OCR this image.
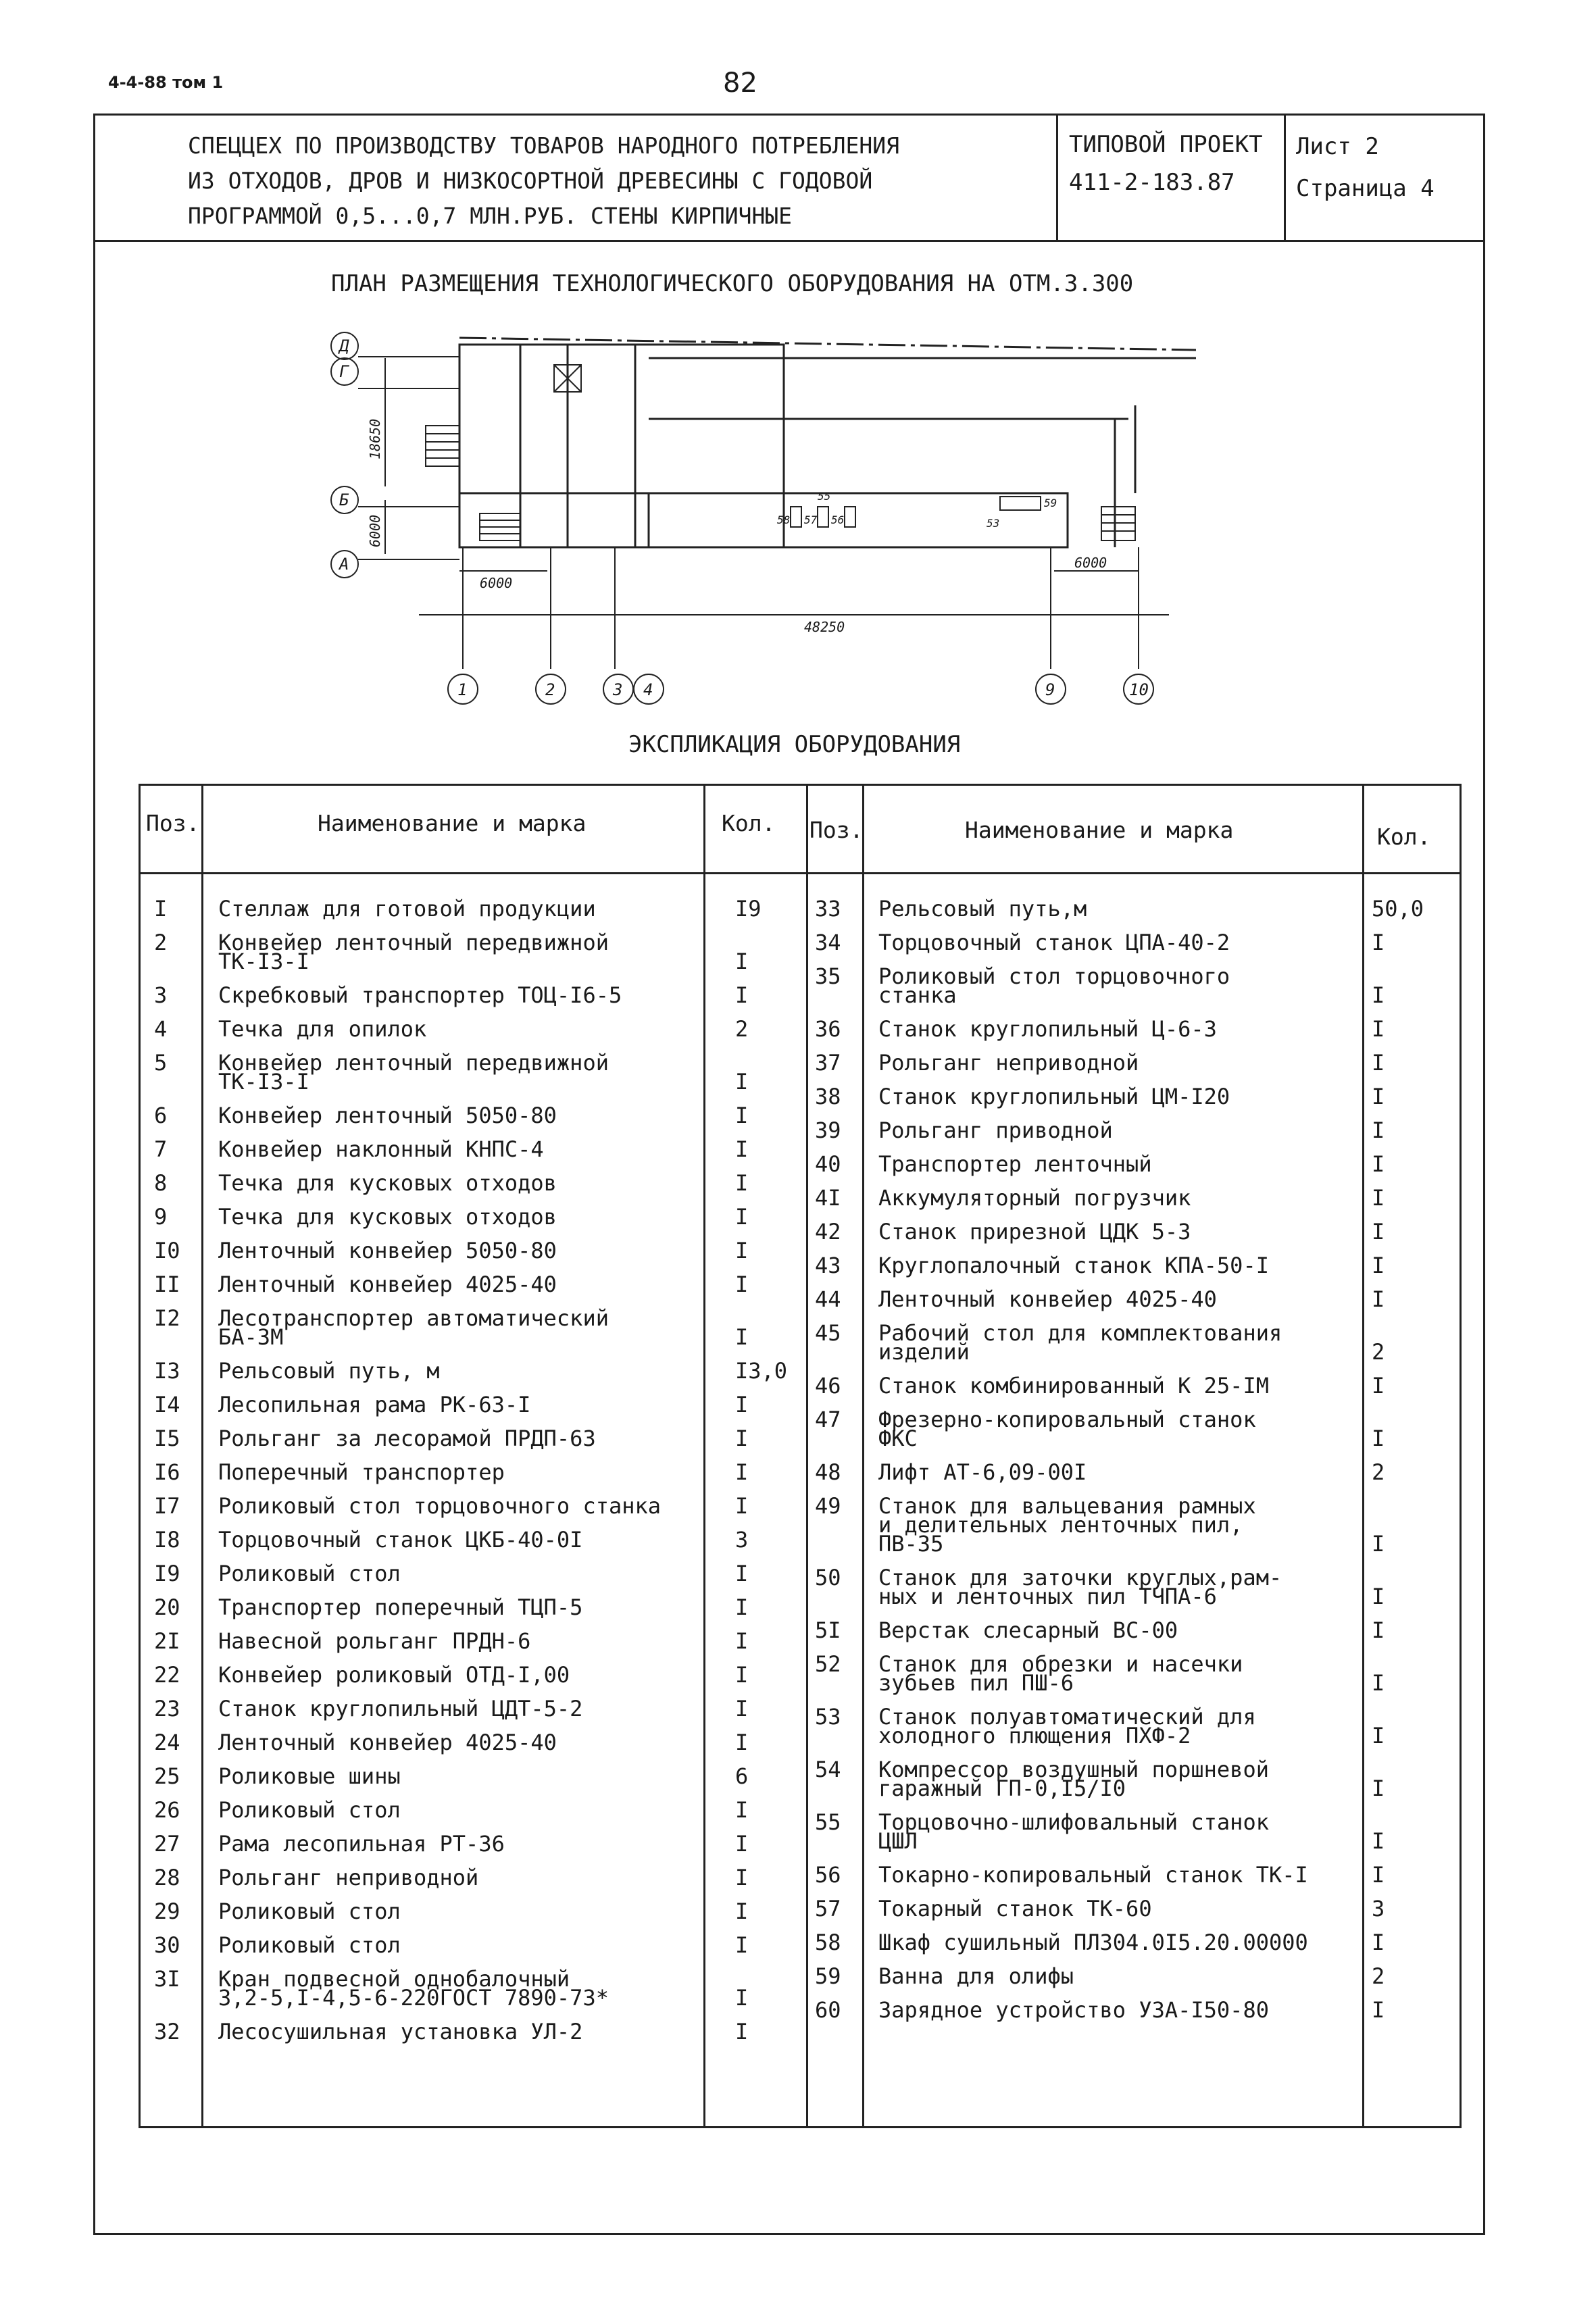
4-4-88 том 1	82
СПЕЦЦЕХ ПО ПРОИЗВОДСТВУ ТОВАРОВ НАРОДНОГО ПОТРЕБЛЕНИЯ
ИЗ ОТХОДОВ, ДРОВ И НИЗКОСОРТНОЙ ДРЕВЕСИНЫ С ГОДОВОЙ
ПРОГРАММОЙ 0,5...0,7 МЛН.РУБ. СТЕНЫ КИРПИЧНЫЕ
ТИПОВОЙ ПРОЕКТ
411-2-183.87
Лист 2
Страница 4
ПЛАН РАЗМЕЩЕНИЯ ТЕХНОЛОГИЧЕСКОГО ОБОРУДОВАНИЯ НА ОТМ.3.300
Д
Г
Б
А
1	2	3 4	9	10
18650
6000
6000
48250
6000
55
58 57 56
59
53
ЭКСПЛИКАЦИЯ ОБОРУДОВАНИЯ
Поз.	Наименование и марка	Кол. Поз.	Наименование и марка	Кол.
I Стеллаж для готовой продукции	I9
2 Конвейер ленточный передвижной
ТК-I3-I	I
3 Скребковый транспортер ТОЦ-I6-5	I
4 Течка для опилок	2
5 Конвейер ленточный передвижной
ТК-I3-I	I
6 Конвейер ленточный 5050-80	I
7 Конвейер наклонный КНПС-4	I
8 Течка для кусковых отходов	I
9 Течка для кусковых отходов	I
I0 Ленточный конвейер 5050-80	I
II Ленточный конвейер 4025-40	I
I2 Лесотранспортер автоматический
БА-3М	I
I3 Рельсовый путь, м	I3,0
I4 Лесопильная рама РК-63-I	I
I5 Рольганг за лесорамой ПРДП-63	I
I6 Поперечный транспортер	I
I7 Роликовый стол торцовочного станка	I
I8 Торцовочный станок ЦКБ-40-0I	3
I9 Роликовый стол	I
20 Транспортер поперечный ТЦП-5	I
2I Навесной рольганг ПРДН-6	I
22 Конвейер роликовый ОТД-I,00	I
23 Станок круглопильный ЦДТ-5-2	I
24 Ленточный конвейер 4025-40	I
25 Роликовые шины	6
26 Роликовый стол	I
27 Рама лесопильная РТ-36	I
28 Рольганг неприводной	I
29 Роликовый стол	I
30 Роликовый стол	I
3I Кран подвесной однобалочный
3,2-5,I-4,5-6-220ГОСТ 7890-73*	I
32 Лесосушильная установка УЛ-2	I
33 Рельсовый путь,м	50,0
34 Торцовочный станок ЦПА-40-2	I
35 Роликовый стол торцовочного
станка	I
36 Станок круглопильный Ц-6-3	I
37 Рольганг неприводной	I
38 Станок круглопильный ЦМ-I20	I
39 Рольганг приводной	I
40 Транспортер ленточный	I
4I Аккумуляторный погрузчик	I
42 Станок прирезной ЦДК 5-3	I
43 Круглопалочный станок КПА-50-I	I
44 Ленточный конвейер 4025-40	I
45 Рабочий стол для комплектования
изделий	2
46 Станок комбинированный К 25-IМ	I
47 Фрезерно-копировальный станок
ФКС	I
48 Лифт АТ-6,09-00I	2
49 Станок для вальцевания рамных
и делительных ленточных пил,
ПВ-35	I
50 Станок для заточки круглых,рам-
ных и ленточных пил ТЧПА-6	I
5I Верстак слесарный ВС-00	I
52 Станок для обрезки и насечки
зубьев пил ПШ-6	I
53 Станок полуавтоматический для
холодного плющения ПХФ-2	I
54 Компрессор воздушный поршневой
гаражный ГП-0,I5/I0	I
55 Торцовочно-шлифовальный станок
ЦШЛ	I
56 Токарно-копировальный станок ТК-I	I
57 Токарный станок ТК-60	3
58 Шкаф сушильный ПЛ304.0I5.20.00000	I
59 Ванна для олифы	2
60 Зарядное устройство УЗА-I50-80	I
